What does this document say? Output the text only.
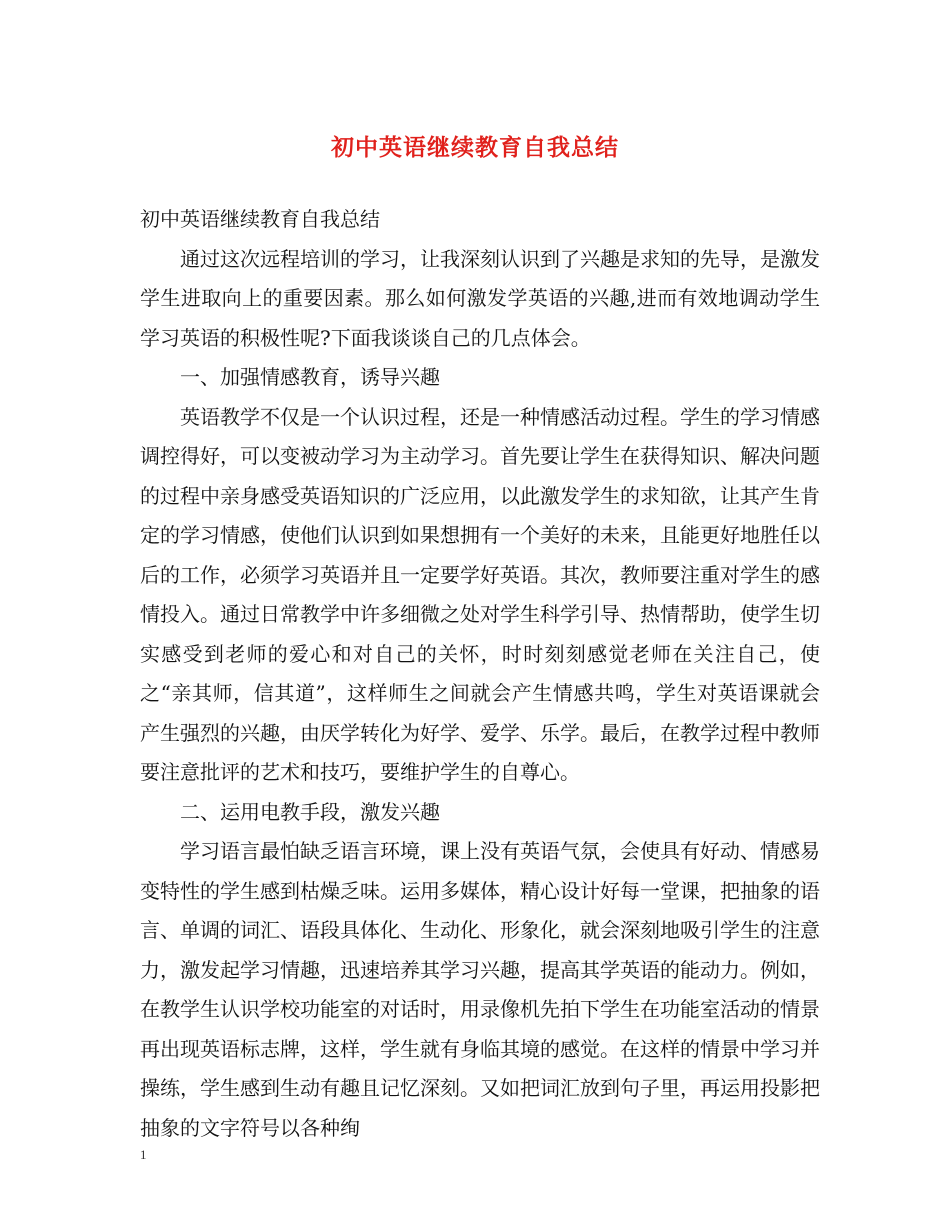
初中英语继续教育自我总结

初中英语继续教育自我总结

通过这次远程培训的学习，让我深刻认识到了兴趣是求知的先导，是激发学生进取向上的重要因素。那么如何激发学英语的兴趣,进而有效地调动学生学习英语的积极性呢?下面我谈谈自己的几点体会。

一、加强情感教育，诱导兴趣

英语教学不仅是一个认识过程，还是一种情感活动过程。学生的学习情感调控得好，可以变被动学习为主动学习。首先要让学生在获得知识、解决问题的过程中亲身感受英语知识的广泛应用，以此激发学生的求知欲，让其产生肯定的学习情感，使他们认识到如果想拥有一个美好的未来，且能更好地胜任以后的工作，必须学习英语并且一定要学好英语。其次，教师要注重对学生的感情投入。通过日常教学中许多细微之处对学生科学引导、热情帮助，使学生切实感受到老师的爱心和对自己的关怀，时时刻刻感觉老师在关注自己，使之“亲其师，信其道”，这样师生之间就会产生情感共鸣，学生对英语课就会产生强烈的兴趣，由厌学转化为好学、爱学、乐学。最后，在教学过程中教师要注意批评的艺术和技巧，要维护学生的自尊心。

二、运用电教手段，激发兴趣

学习语言最怕缺乏语言环境，课上没有英语气氛，会使具有好动、情感易变特性的学生感到枯燥乏味。运用多媒体，精心设计好每一堂课，把抽象的语言、单调的词汇、语段具体化、生动化、形象化，就会深刻地吸引学生的注意力，激发起学习情趣，迅速培养其学习兴趣，提高其学英语的能动力。例如，在教学生认识学校功能室的对话时，用录像机先拍下学生在功能室活动的情景再出现英语标志牌，这样，学生就有身临其境的感觉。在这样的情景中学习并操练，学生感到生动有趣且记忆深刻。又如把词汇放到句子里，再运用投影把抽象的文字符号以各种绚

1
